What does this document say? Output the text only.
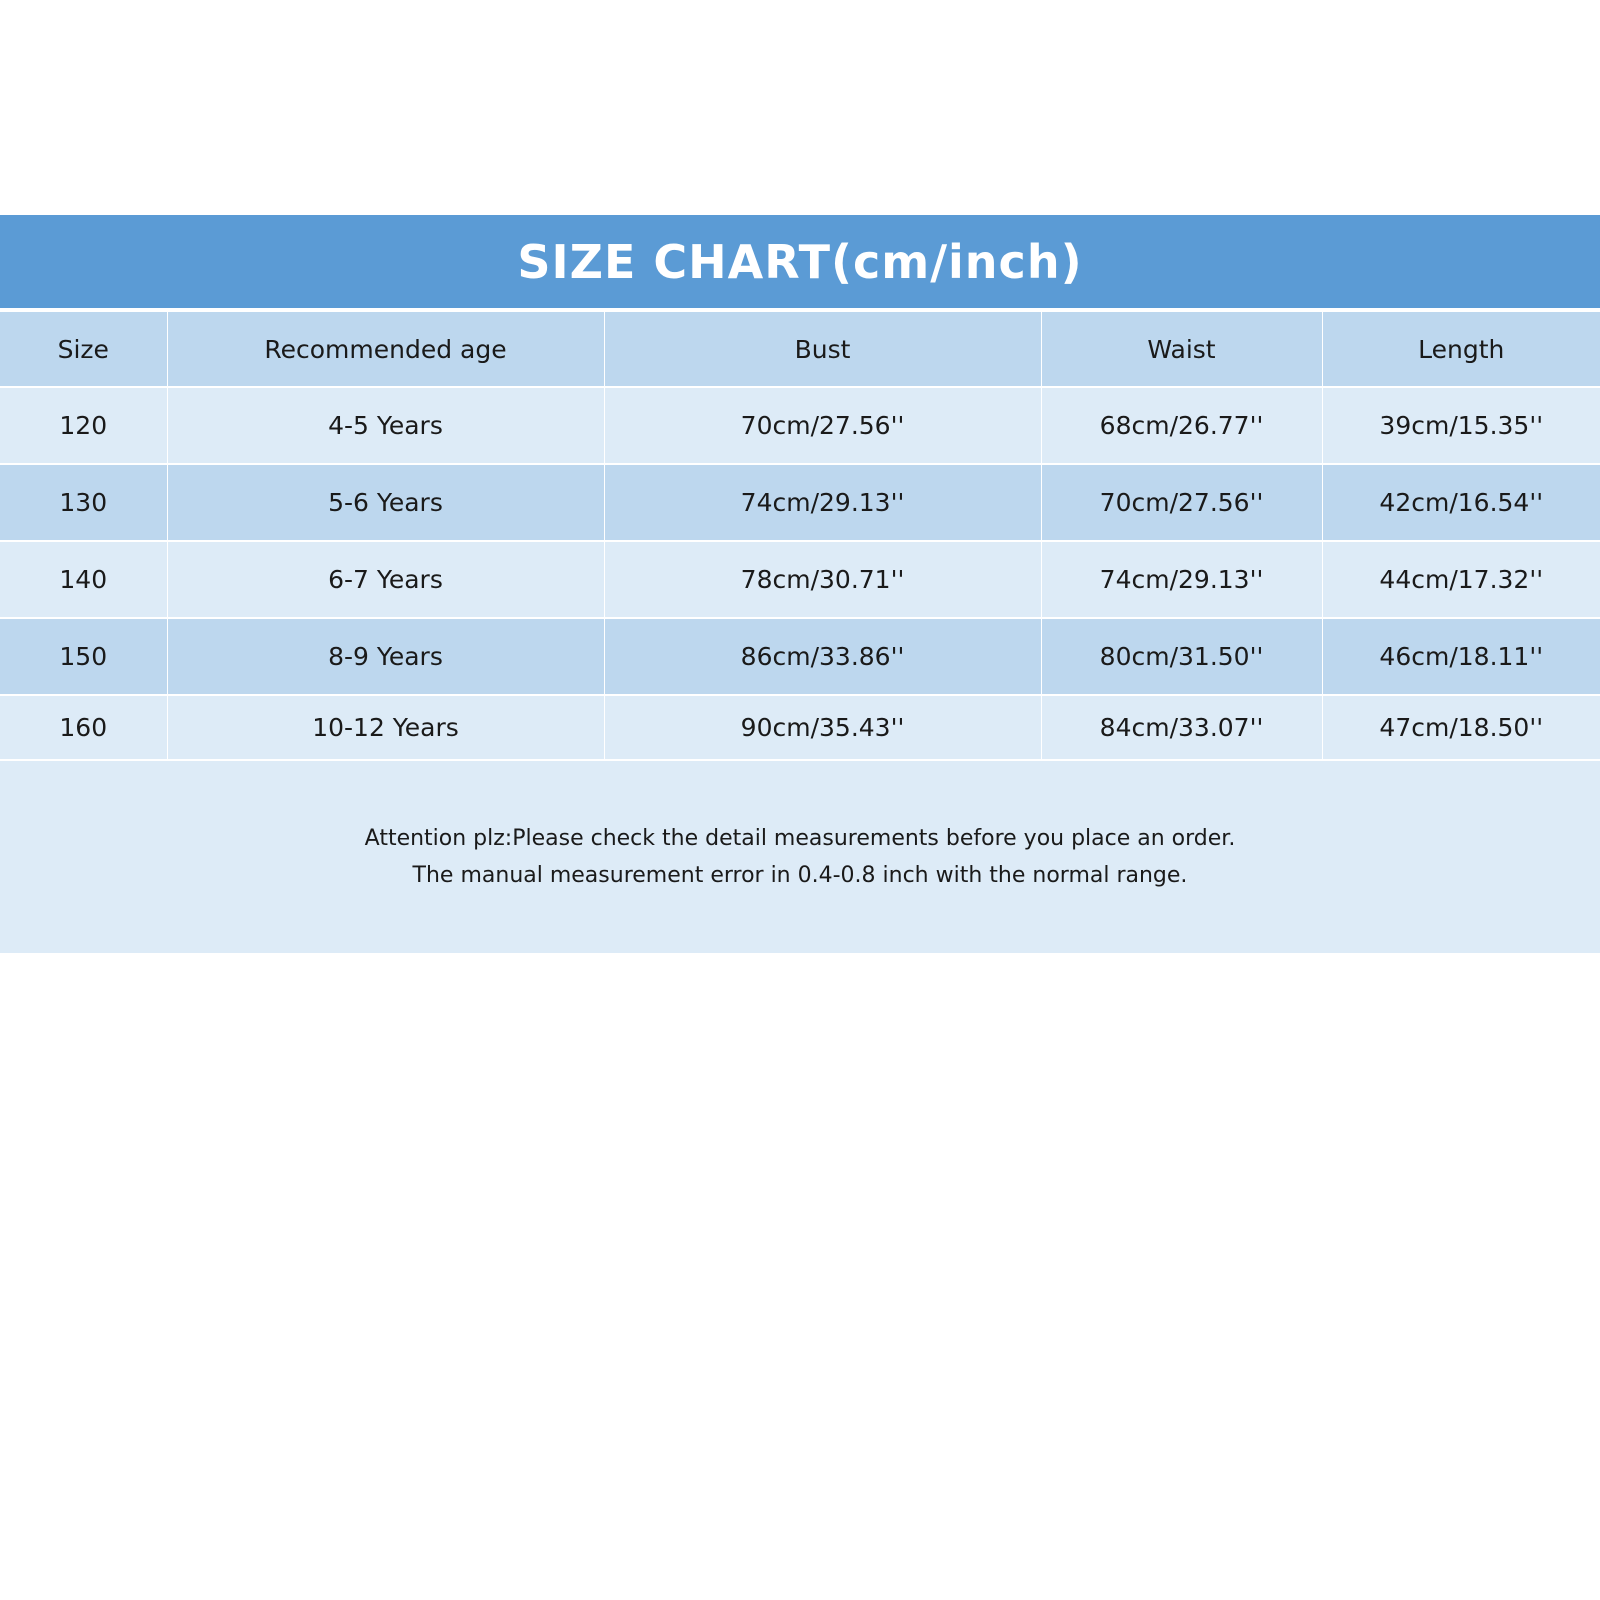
SIZE CHART(cm/inch)
Size	Recommended age	Bust	Waist	Length
120	4-5 Years	70cm/27.56''	68cm/26.77''	39cm/15.35''
130	5-6 Years	74cm/29.13''	70cm/27.56''	42cm/16.54''
140	6-7 Years	78cm/30.71''	74cm/29.13''	44cm/17.32''
150	8-9 Years	86cm/33.86''	80cm/31.50''	46cm/18.11''
160	10-12 Years	90cm/35.43''	84cm/33.07''	47cm/18.50''
Attention plz:Please check the detail measurements before you place an order.
The manual measurement error in 0.4-0.8 inch with the normal range.
